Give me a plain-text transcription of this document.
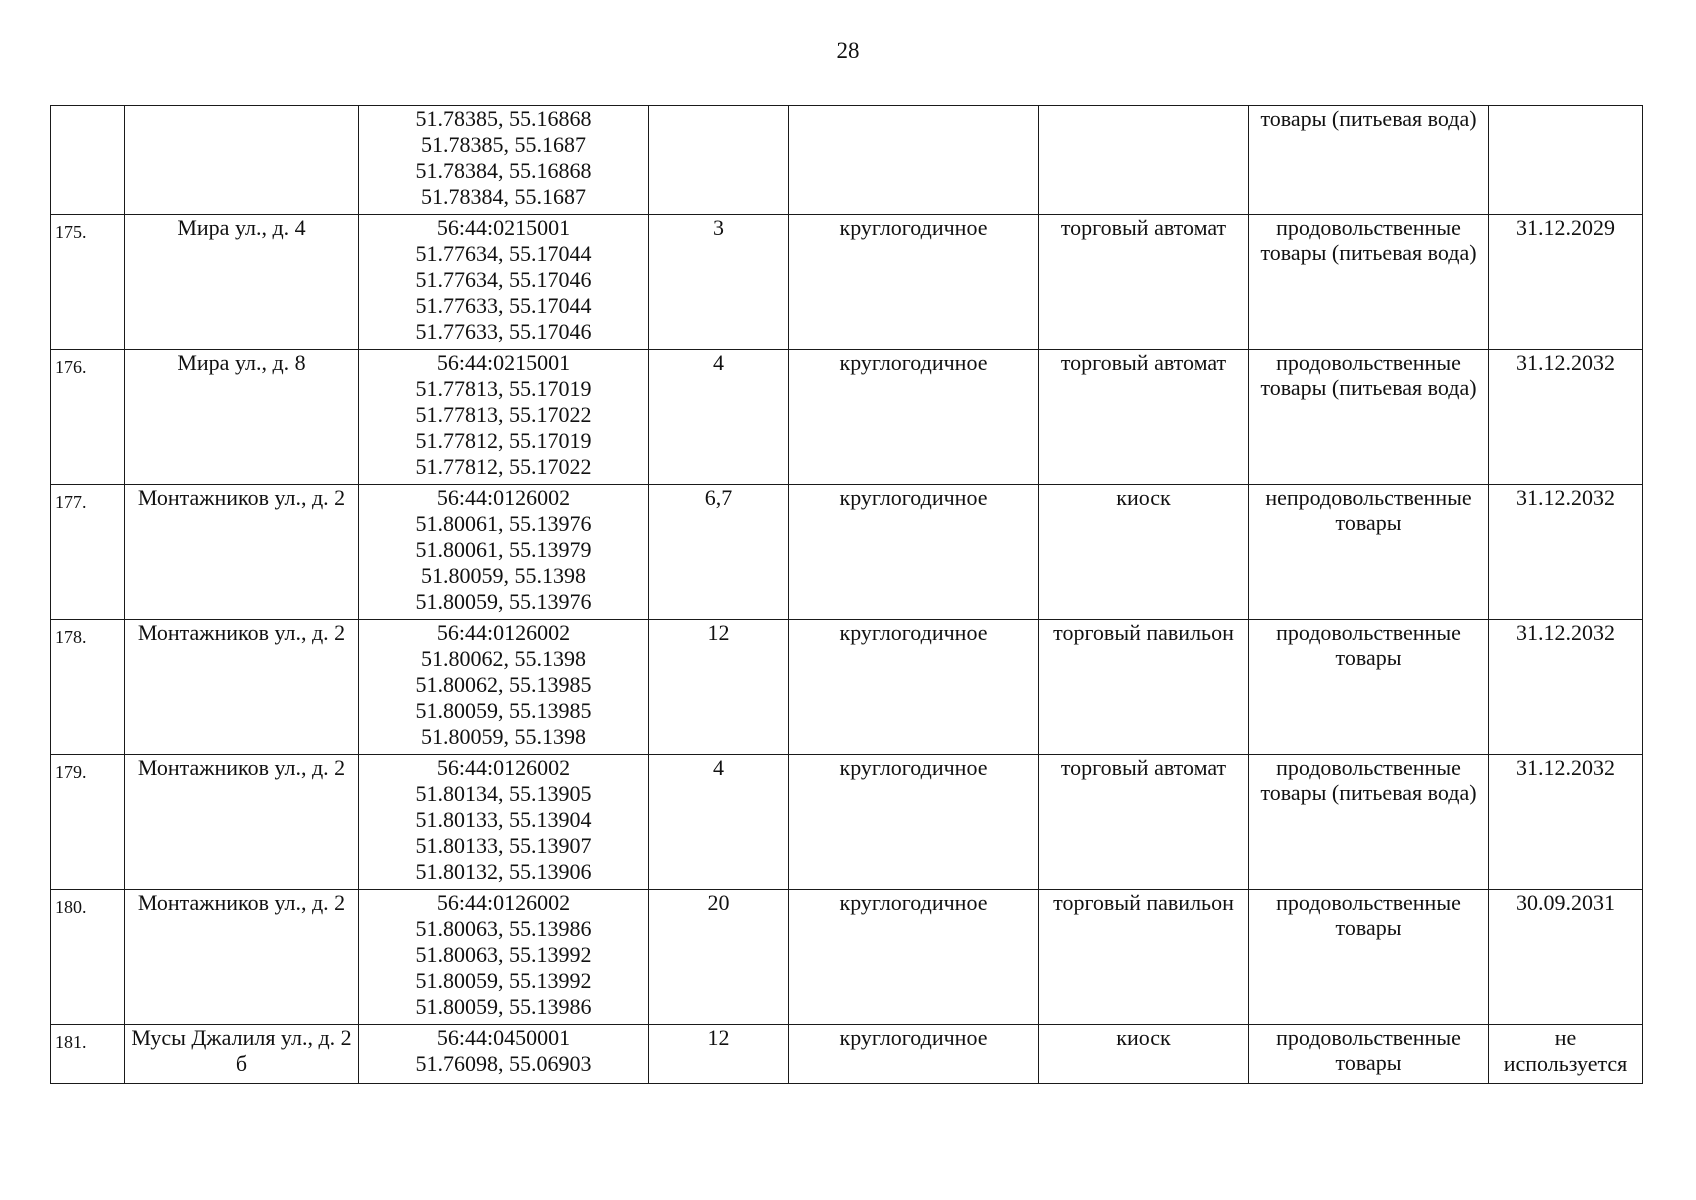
28

		51.78385, 55.16868
51.78385, 55.1687
51.78384, 55.16868
51.78384, 55.1687				товары (питьевая вода)	
175.	Мира ул., д. 4	56:44:0215001
51.77634, 55.17044
51.77634, 55.17046
51.77633, 55.17044
51.77633, 55.17046	3	круглогодичное	торговый автомат	продовольственные товары (питьевая вода)	31.12.2029
176.	Мира ул., д. 8	56:44:0215001
51.77813, 55.17019
51.77813, 55.17022
51.77812, 55.17019
51.77812, 55.17022	4	круглогодичное	торговый автомат	продовольственные товары (питьевая вода)	31.12.2032
177.	Монтажников ул., д. 2	56:44:0126002
51.80061, 55.13976
51.80061, 55.13979
51.80059, 55.1398
51.80059, 55.13976	6,7	круглогодичное	киоск	непродовольственные товары	31.12.2032
178.	Монтажников ул., д. 2	56:44:0126002
51.80062, 55.1398
51.80062, 55.13985
51.80059, 55.13985
51.80059, 55.1398	12	круглогодичное	торговый павильон	продовольственные товары	31.12.2032
179.	Монтажников ул., д. 2	56:44:0126002
51.80134, 55.13905
51.80133, 55.13904
51.80133, 55.13907
51.80132, 55.13906	4	круглогодичное	торговый автомат	продовольственные товары (питьевая вода)	31.12.2032
180.	Монтажников ул., д. 2	56:44:0126002
51.80063, 55.13986
51.80063, 55.13992
51.80059, 55.13992
51.80059, 55.13986	20	круглогодичное	торговый павильон	продовольственные товары	30.09.2031
181.	Мусы Джалиля ул., д. 2 б	56:44:0450001
51.76098, 55.06903	12	круглогодичное	киоск	продовольственные товары	не используется
